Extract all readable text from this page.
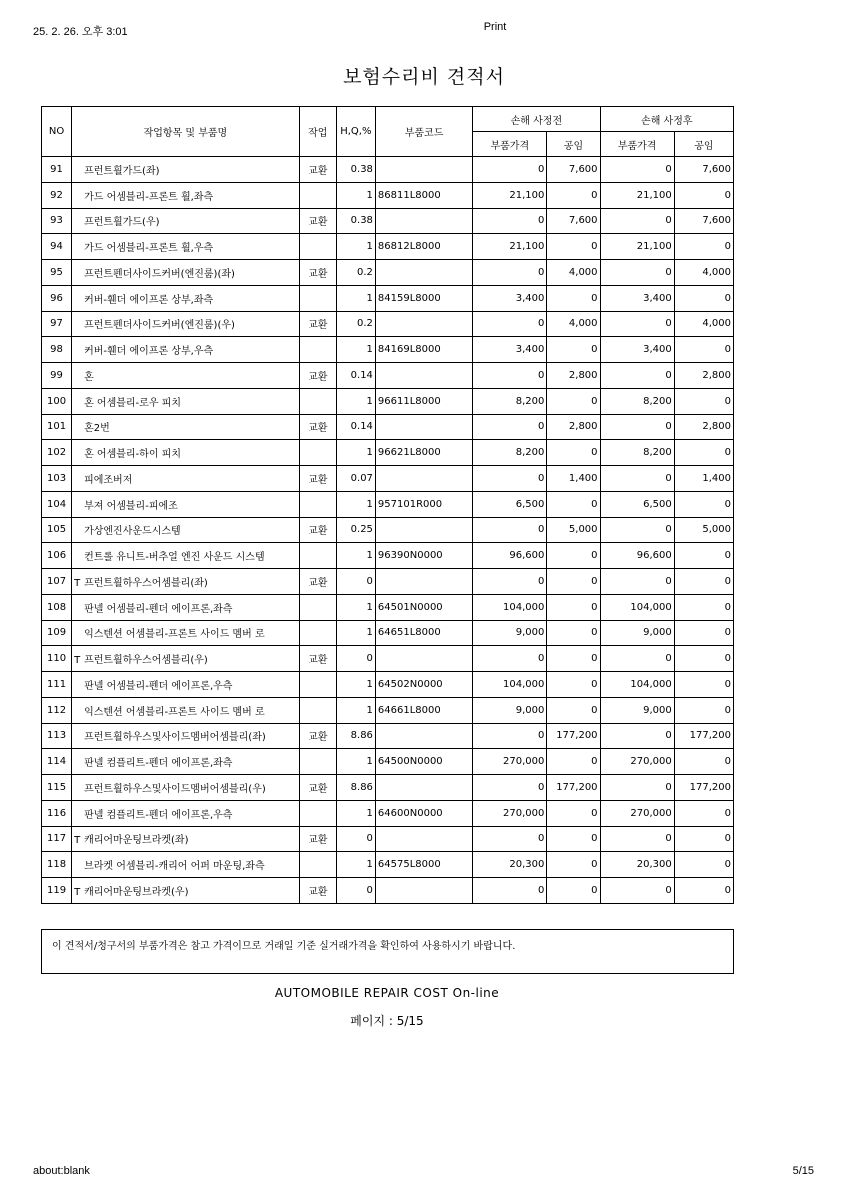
25. 2. 26. 오후 3:01	Print
보험수리비 견적서
NO	작업항목 및 부품명	작업	H,Q,%	부품코드	손해 사정전		손해 사정후	
					부품가격	공임	부품가격	공임
91	프런트휠가드(좌)	교환	0.38		0	7,600	0	7,600
92	가드 어셈블리-프론트 휠,좌측		1	86811L8000	21,100	0	21,100	0
93	프런트휠가드(우)	교환	0.38		0	7,600	0	7,600
94	가드 어셈블리-프론트 휠,우측		1	86812L8000	21,100	0	21,100	0
95	프런트펜더사이드커버(엔진룸)(좌)	교환	0.2		0	4,000	0	4,000
96	커버-휀더 에이프론 상부,좌측		1	84159L8000	3,400	0	3,400	0
97	프런트펜더사이드커버(엔진룸)(우)	교환	0.2		0	4,000	0	4,000
98	커버-휀더 에이프론 상부,우측		1	84169L8000	3,400	0	3,400	0
99	혼	교환	0.14		0	2,800	0	2,800
100	혼 어셈블리-로우 피치		1	96611L8000	8,200	0	8,200	0
101	혼2번	교환	0.14		0	2,800	0	2,800
102	혼 어셈블리-하이 피치		1	96621L8000	8,200	0	8,200	0
103	피에조버저	교환	0.07		0	1,400	0	1,400
104	부져 어셈블리-피에조		1	957101R000	6,500	0	6,500	0
105	가상엔진사운드시스템	교환	0.25		0	5,000	0	5,000
106	컨트롤 유니트-버추얼 엔진 사운드 시스템		1	96390N0000	96,600	0	96,600	0
107	T 프런트휠하우스어셈블리(좌)	교환	0		0	0	0	0
108	판넬 어셈블리-펜더 에이프론,좌측		1	64501N0000	104,000	0	104,000	0
109	익스텐션 어셈블리-프론트 사이드 멤버 로		1	64651L8000	9,000	0	9,000	0
110	T 프런트휠하우스어셈블리(우)	교환	0		0	0	0	0
111	판넬 어셈블리-펜더 에이프론,우측		1	64502N0000	104,000	0	104,000	0
112	익스텐션 어셈블리-프론트 사이드 멤버 로		1	64661L8000	9,000	0	9,000	0
113	프런트휠하우스및사이드멤버어셈블리(좌)	교환	8.86		0	177,200	0	177,200
114	판넬 컴플리트-펜더 에이프론,좌측		1	64500N0000	270,000	0	270,000	0
115	프런트휠하우스및사이드멤버어셈블리(우)	교환	8.86		0	177,200	0	177,200
116	판넬 컴플리트-펜더 에이프론,우측		1	64600N0000	270,000	0	270,000	0
117	T 캐리어마운팅브라켓(좌)	교환	0		0	0	0	0
118	브라켓 어셈블리-캐리어 어퍼 마운팅,좌측		1	64575L8000	20,300	0	20,300	0
119	T 캐리어마운팅브라켓(우)	교환	0		0	0	0	0
이 견적서/청구서의 부품가격은 참고 가격이므로 거래일 기준 실거래가격을 확인하여 사용하시기 바랍니다.
AUTOMOBILE REPAIR COST On-line
페이지 : 5/15
about:blank	5/15
